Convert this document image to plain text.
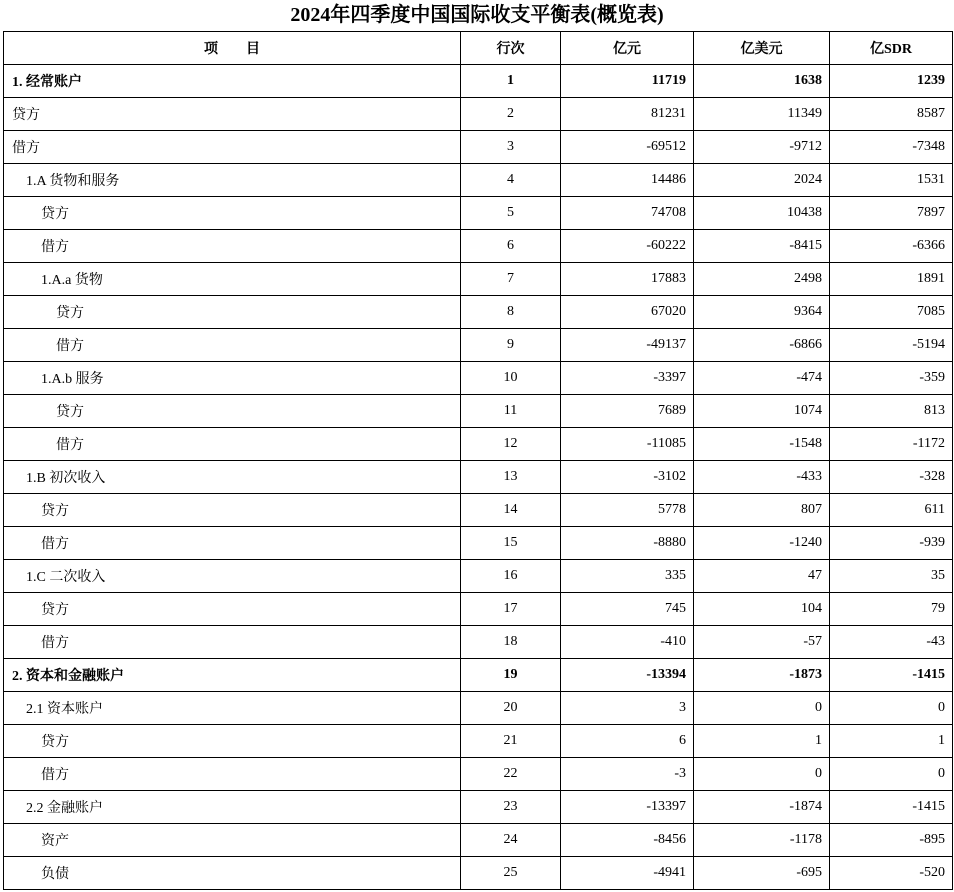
2024年四季度中国国际收支平衡表(概览表)
项　　目	行次	亿元	亿美元	亿SDR
1. 经常账户	1	11719	1638	1239
贷方	2	81231	11349	8587
借方	3	-69512	-9712	-7348
1.A 货物和服务	4	14486	2024	1531
贷方	5	74708	10438	7897
借方	6	-60222	-8415	-6366
1.A.a 货物	7	17883	2498	1891
贷方	8	67020	9364	7085
借方	9	-49137	-6866	-5194
1.A.b 服务	10	-3397	-474	-359
贷方	11	7689	1074	813
借方	12	-11085	-1548	-1172
1.B 初次收入	13	-3102	-433	-328
贷方	14	5778	807	611
借方	15	-8880	-1240	-939
1.C 二次收入	16	335	47	35
贷方	17	745	104	79
借方	18	-410	-57	-43
2. 资本和金融账户	19	-13394	-1873	-1415
2.1 资本账户	20	3	0	0
贷方	21	6	1	1
借方	22	-3	0	0
2.2 金融账户	23	-13397	-1874	-1415
资产	24	-8456	-1178	-895
负债	25	-4941	-695	-520
